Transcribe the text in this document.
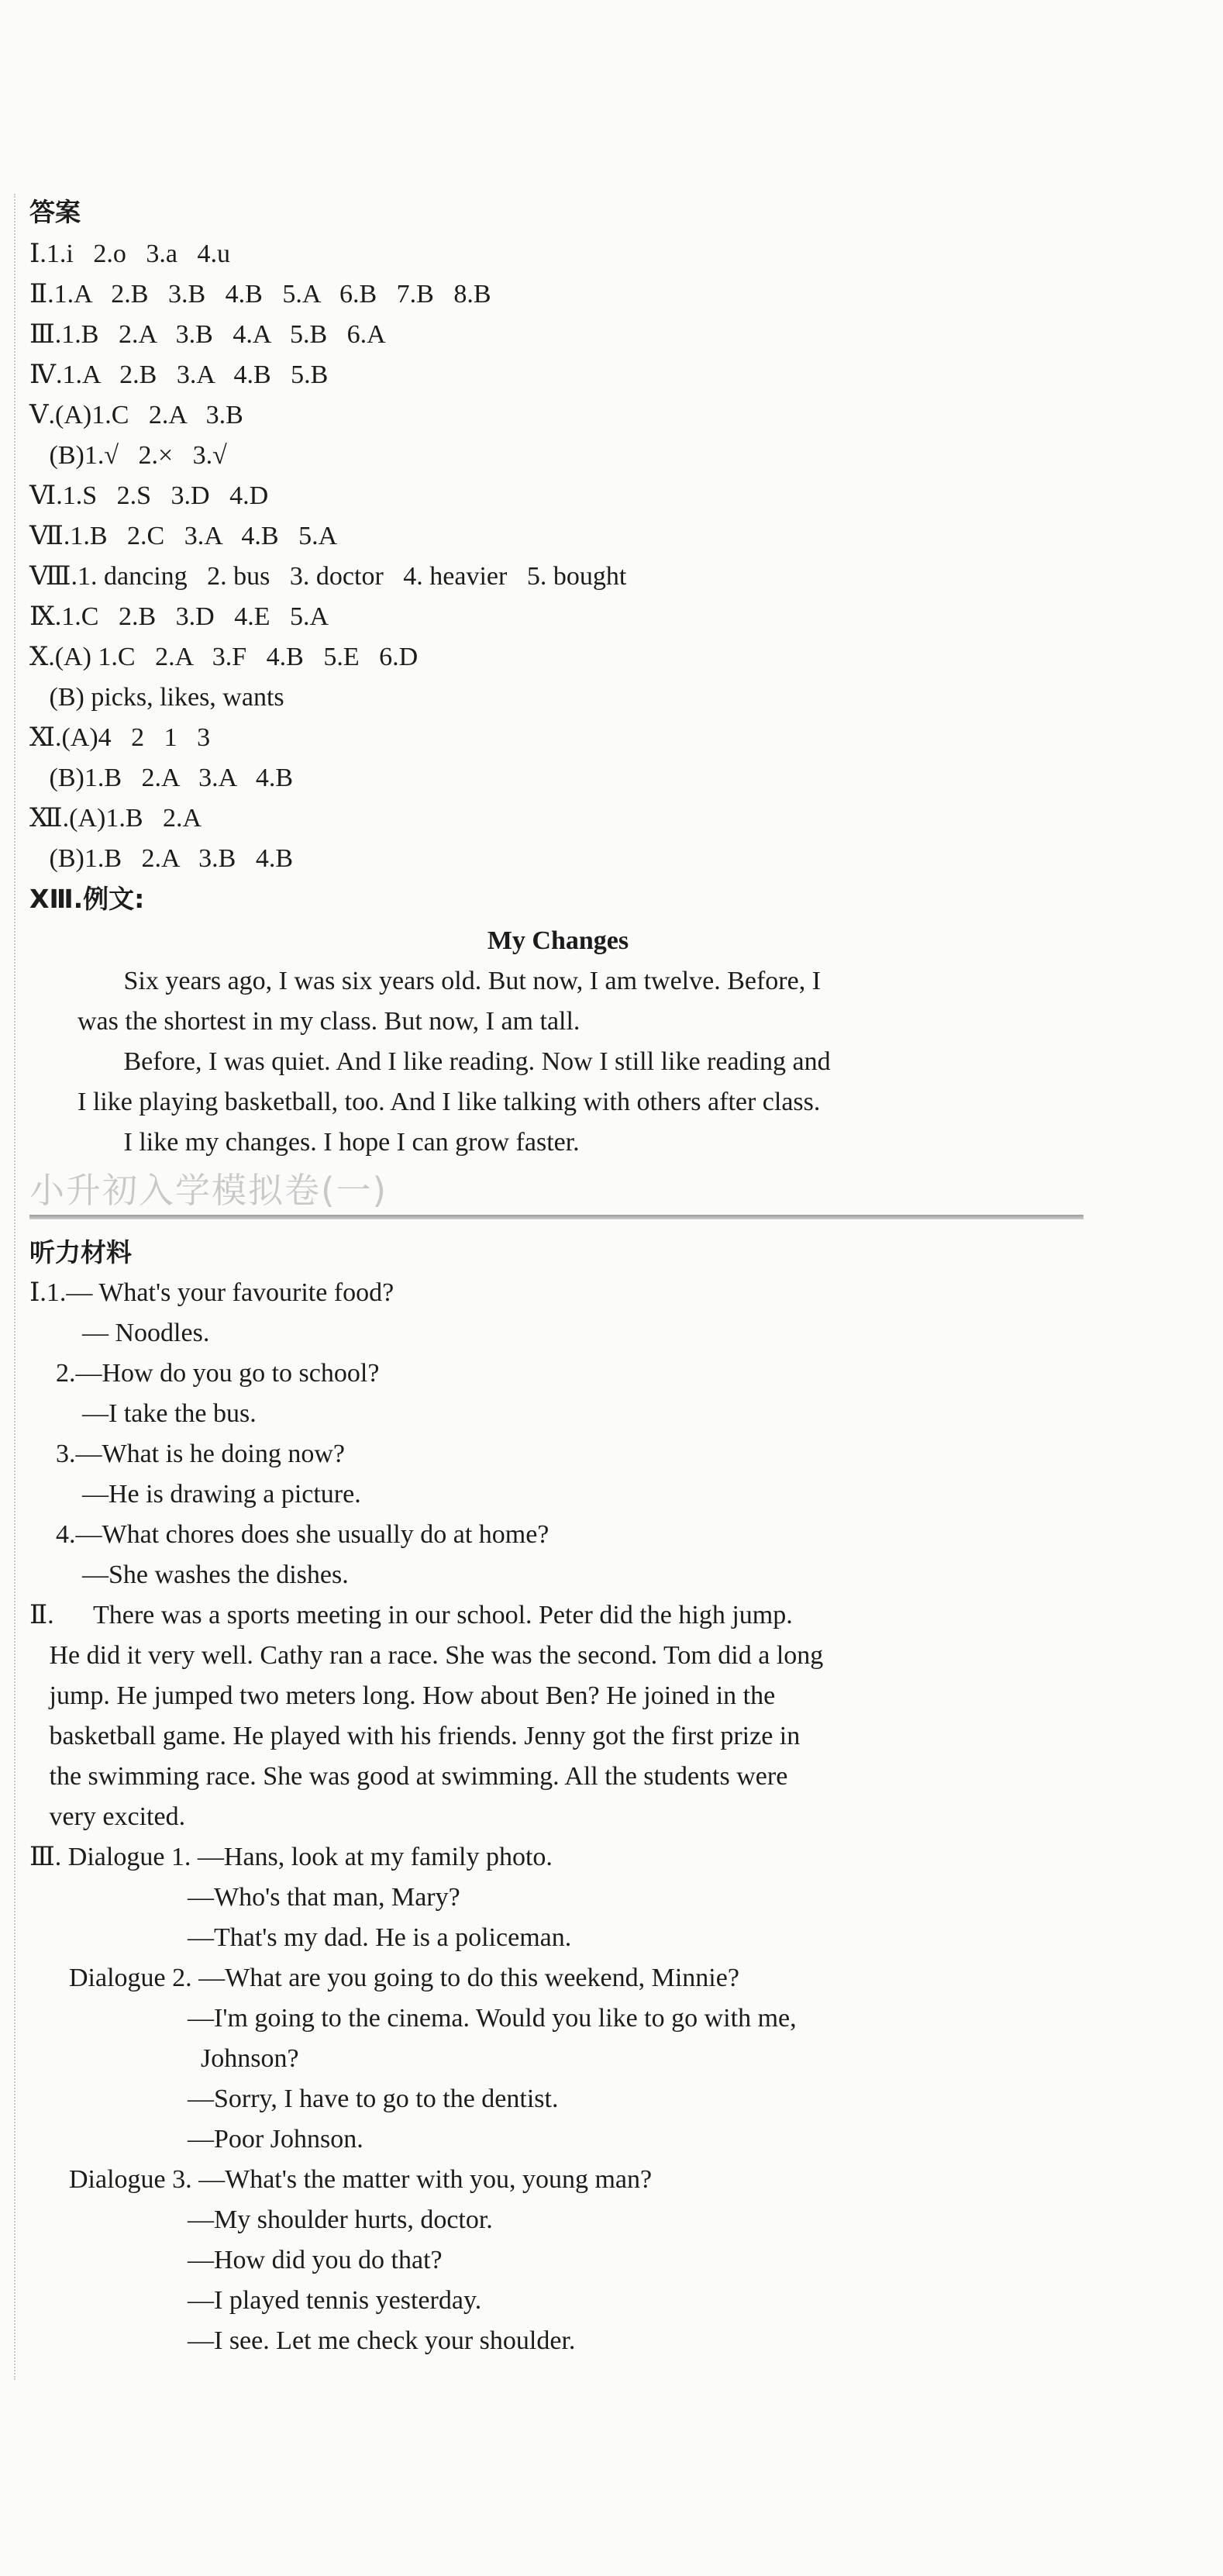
答案
Ⅰ.1.i   2.o   3.a   4.u
Ⅱ.1.A   2.B   3.B   4.B   5.A   6.B   7.B   8.B
Ⅲ.1.B   2.A   3.B   4.A   5.B   6.A
Ⅳ.1.A   2.B   3.A   4.B   5.B
Ⅴ.(A)1.C   2.A   3.B
(B)1.√   2.×   3.√
Ⅵ.1.S   2.S   3.D   4.D
Ⅶ.1.B   2.C   3.A   4.B   5.A
Ⅷ.1. dancing   2. bus   3. doctor   4. heavier   5. bought
Ⅸ.1.C   2.B   3.D   4.E   5.A
Ⅹ.(A) 1.C   2.A   3.F   4.B   5.E   6.D
(B) picks, likes, wants
Ⅺ.(A)4   2   1   3
(B)1.B   2.A   3.A   4.B
Ⅻ.(A)1.B   2.A
(B)1.B   2.A   3.B   4.B
ⅩⅢ.例文:
My Changes
Six years ago, I was six years old. But now, I am twelve. Before, I
was the shortest in my class. But now, I am tall.
Before, I was quiet. And I like reading. Now I still like reading and
I like playing basketball, too. And I like talking with others after class.
I like my changes. I hope I can grow faster.
小升初入学模拟卷(一)
听力材料
Ⅰ.1.— What's your favourite food?
— Noodles.
2.—How do you go to school?
—I take the bus.
3.—What is he doing now?
—He is drawing a picture.
4.—What chores does she usually do at home?
—She washes the dishes.
Ⅱ.      There was a sports meeting in our school. Peter did the high jump.
He did it very well. Cathy ran a race. She was the second. Tom did a long
jump. He jumped two meters long. How about Ben? He joined in the
basketball game. He played with his friends. Jenny got the first prize in
the swimming race. She was good at swimming. All the students were
very excited.
Ⅲ. Dialogue 1. —Hans, look at my family photo.
—Who's that man, Mary?
—That's my dad. He is a policeman.
Dialogue 2. —What are you going to do this weekend, Minnie?
—I'm going to the cinema. Would you like to go with me,
Johnson?
—Sorry, I have to go to the dentist.
—Poor Johnson.
Dialogue 3. —What's the matter with you, young man?
—My shoulder hurts, doctor.
—How did you do that?
—I played tennis yesterday.
—I see. Let me check your shoulder.
